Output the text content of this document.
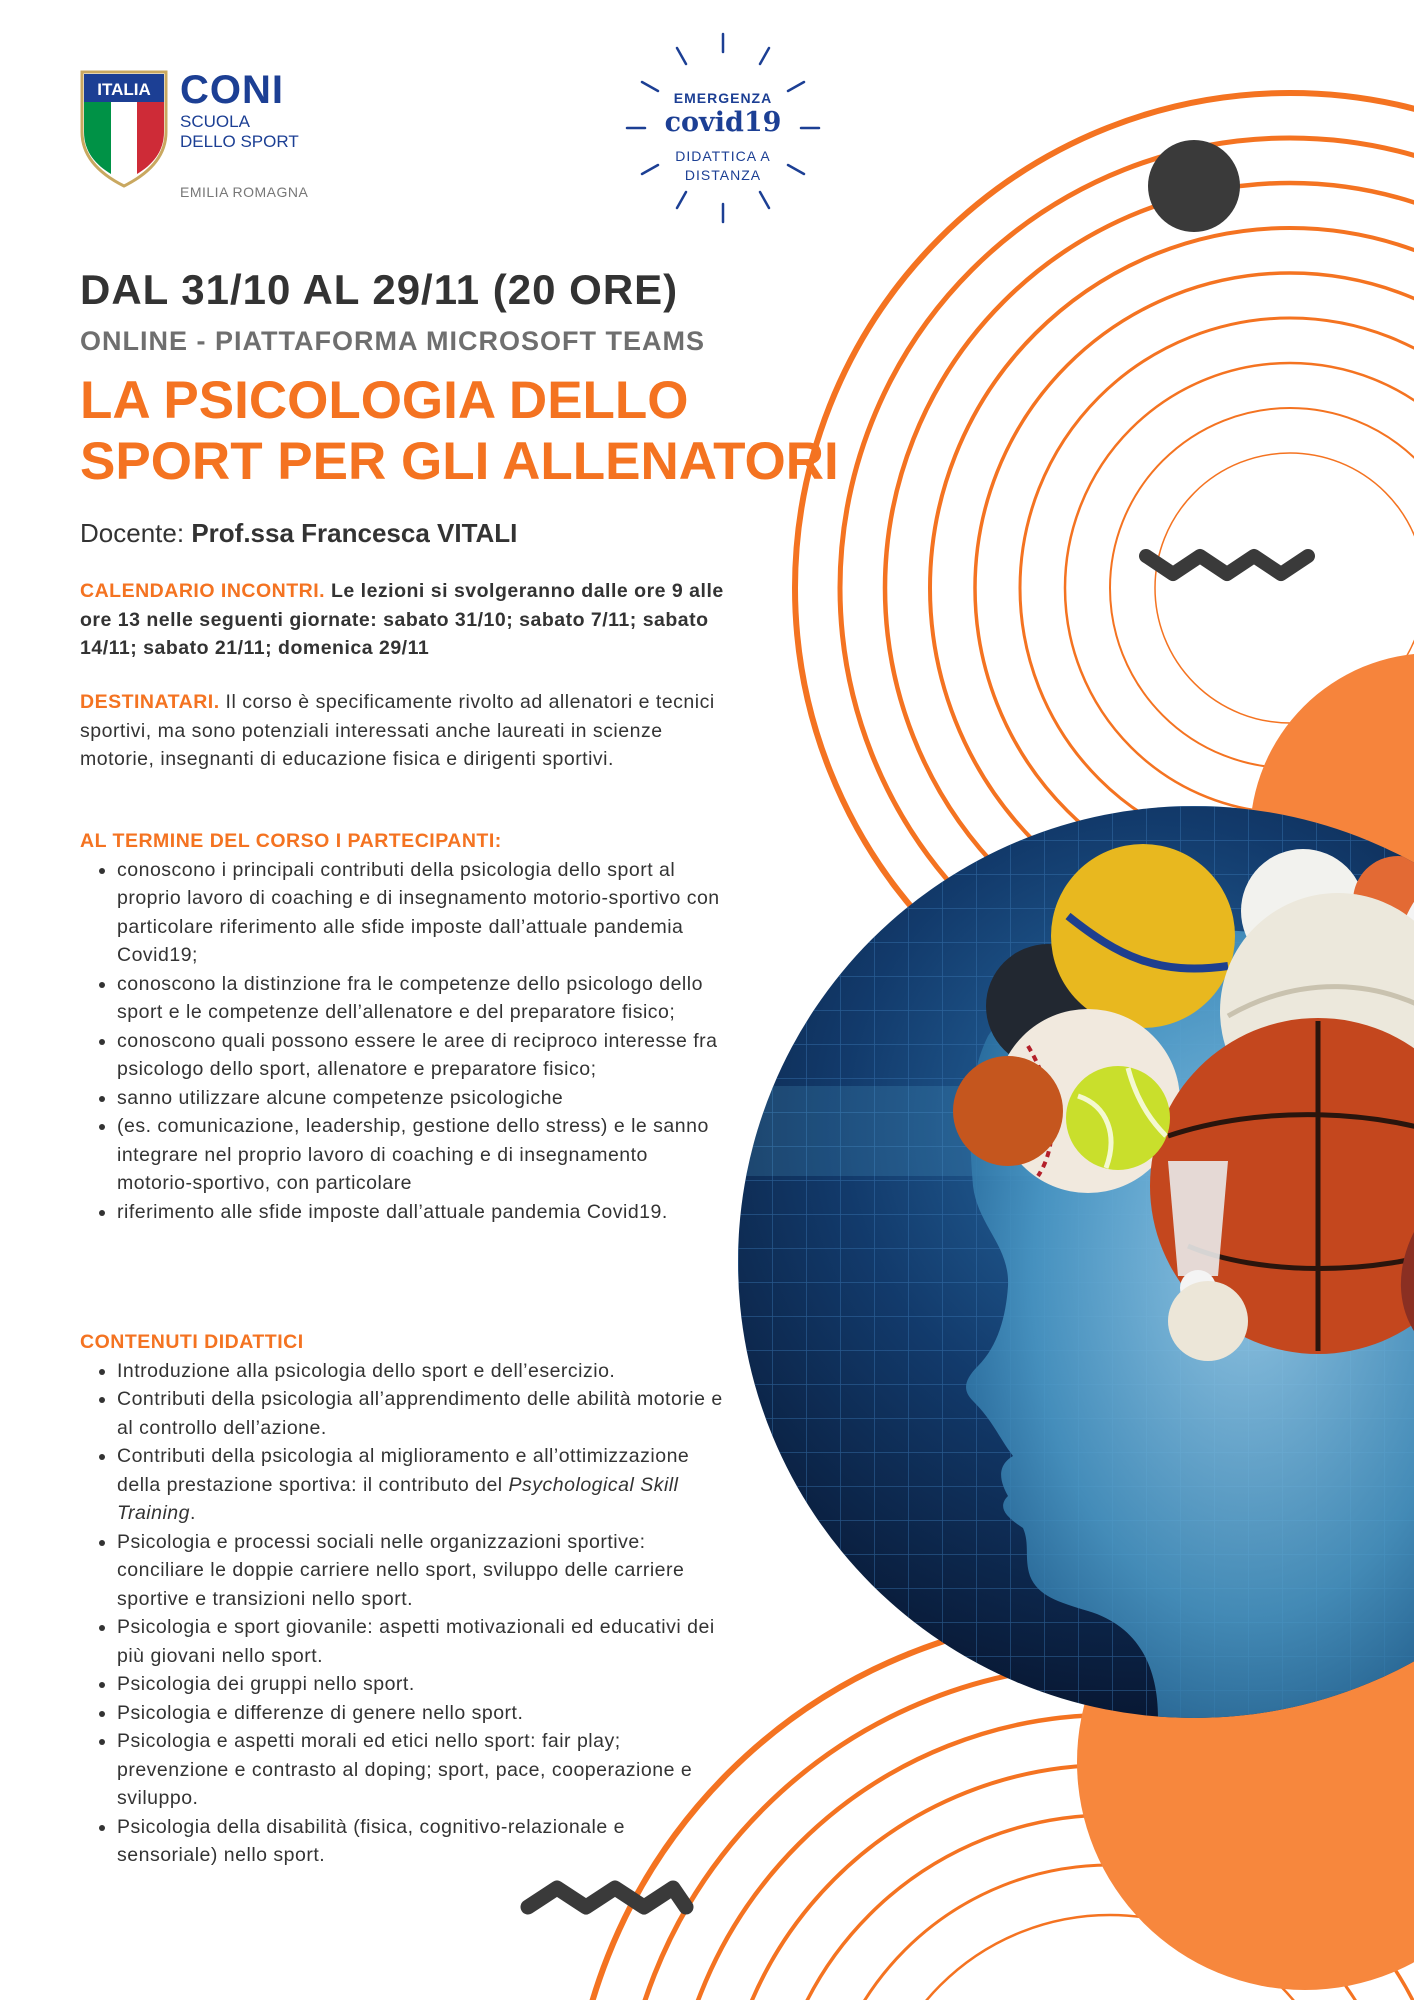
ITALIA CONI
SCUOLA
DELLO SPORT
EMILIA ROMAGNA
EMERGENZA
covid19
DIDATTICA A
DISTANZA
DAL 31/10 AL 29/11 (20 ORE)
ONLINE - PIATTAFORMA MICROSOFT TEAMS
LA PSICOLOGIA DELLO
SPORT PER GLI ALLENATORI
Docente: Prof.ssa Francesca VITALI
CALENDARIO INCONTRI. Le lezioni si svolgeranno dalle ore 9 alle ore 13 nelle seguenti giornate: sabato 31/10; sabato 7/11; sabato 14/11; sabato 21/11; domenica 29/11
DESTINATARI. Il corso è specificamente rivolto ad allenatori e tecnici sportivi, ma sono potenziali interessati anche laureati in scienze motorie, insegnanti di educazione fisica e dirigenti sportivi.
AL TERMINE DEL CORSO I PARTECIPANTI:
• conoscono i principali contributi della psicologia dello sport al proprio lavoro di coaching e di insegnamento motorio-sportivo con particolare riferimento alle sfide imposte dall’attuale pandemia Covid19;
• conoscono la distinzione fra le competenze dello psicologo dello sport e le competenze dell’allenatore e del preparatore fisico;
• conoscono quali possono essere le aree di reciproco interesse fra psicologo dello sport, allenatore e preparatore fisico;
• sanno utilizzare alcune competenze psicologiche
• (es. comunicazione, leadership, gestione dello stress) e le sanno integrare nel proprio lavoro di coaching e di insegnamento motorio-sportivo, con particolare
• riferimento alle sfide imposte dall’attuale pandemia Covid19.
CONTENUTI DIDATTICI
• Introduzione alla psicologia dello sport e dell’esercizio.
• Contributi della psicologia all’apprendimento delle abilità motorie e al controllo dell’azione.
• Contributi della psicologia al miglioramento e all’ottimizzazione della prestazione sportiva: il contributo del Psychological Skill Training.
• Psicologia e processi sociali nelle organizzazioni sportive: conciliare le doppie carriere nello sport, sviluppo delle carriere sportive e transizioni nello sport.
• Psicologia e sport giovanile: aspetti motivazionali ed educativi dei più giovani nello sport.
• Psicologia dei gruppi nello sport.
• Psicologia e differenze di genere nello sport.
• Psicologia e aspetti morali ed etici nello sport: fair play; prevenzione e contrasto al doping; sport, pace, cooperazione e sviluppo.
• Psicologia della disabilità (fisica, cognitivo-relazionale e sensoriale) nello sport.
